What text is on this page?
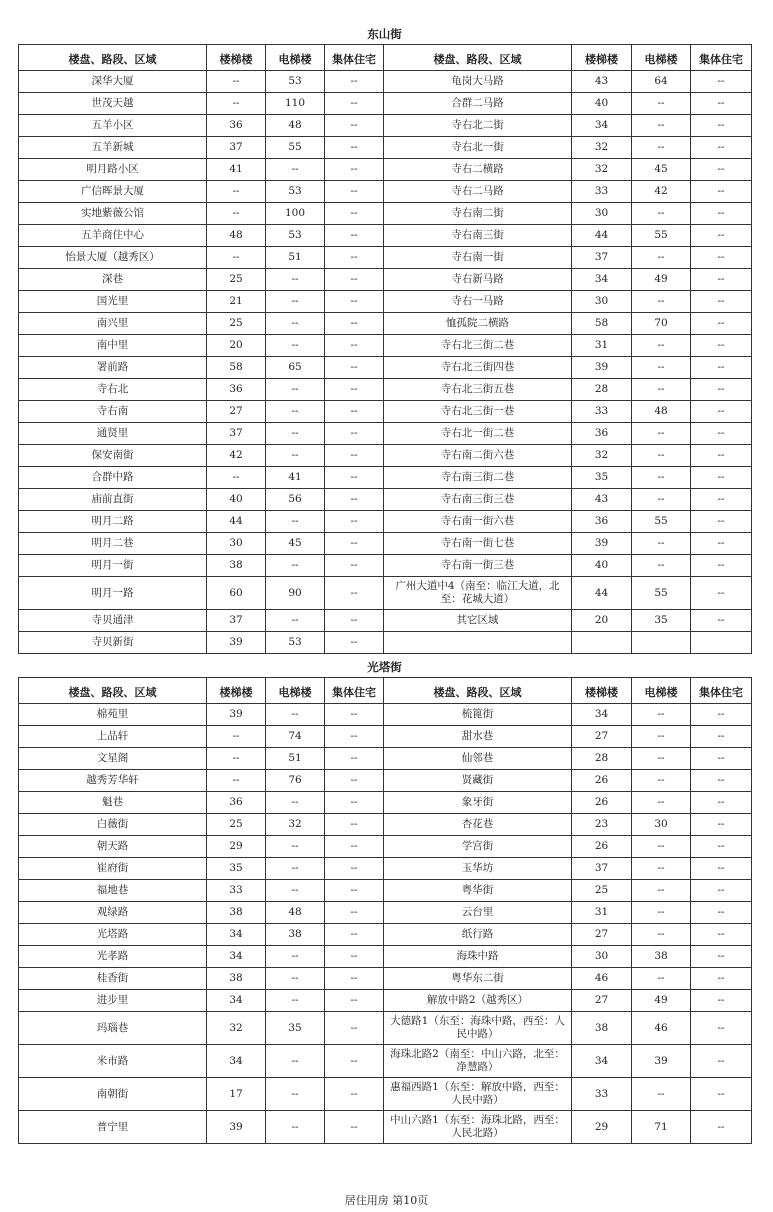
东山街
楼盘、路段、区域	楼梯楼	电梯楼	集体住宅	楼盘、路段、区域	楼梯楼	电梯楼	集体住宅
深华大厦	--	53	--	龟岗大马路	43	64	--
世茂天越	--	110	--	合群二马路	40	--	--
五羊小区	36	48	--	寺右北二街	34	--	--
五羊新城	37	55	--	寺右北一街	32	--	--
明月路小区	41	--	--	寺右二横路	32	45	--
广信晖景大厦	--	53	--	寺右二马路	33	42	--
实地紫薇公馆	--	100	--	寺右南二街	30	--	--
五羊商住中心	48	53	--	寺右南三街	44	55	--
怡景大厦（越秀区）	--	51	--	寺右南一街	37	--	--
深巷	25	--	--	寺右新马路	34	49	--
国光里	21	--	--	寺右一马路	30	--	--
南兴里	25	--	--	恤孤院二横路	58	70	--
南中里	20	--	--	寺右北三街二巷	31	--	--
署前路	58	65	--	寺右北三街四巷	39	--	--
寺右北	36	--	--	寺右北三街五巷	28	--	--
寺右南	27	--	--	寺右北三街一巷	33	48	--
通贤里	37	--	--	寺右北一街二巷	36	--	--
保安南街	42	--	--	寺右南二街六巷	32	--	--
合群中路	--	41	--	寺右南三街二巷	35	--	--
庙前直街	40	56	--	寺右南三街三巷	43	--	--
明月二路	44	--	--	寺右南一街六巷	36	55	--
明月二巷	30	45	--	寺右南一街七巷	39	--	--
明月一街	38	--	--	寺右南一街三巷	40	--	--
明月一路	60	90	--	广州大道中4（南至：临江大道，北至：花城大道）	44	55	--
寺贝通津	37	--	--	其它区域	20	35	--
寺贝新街	39	53	--				
光塔街
楼盘、路段、区域	楼梯楼	电梯楼	集体住宅	楼盘、路段、区域	楼梯楼	电梯楼	集体住宅
棉苑里	39	--	--	梳篦街	34	--	--
上品轩	--	74	--	甜水巷	27	--	--
文星阁	--	51	--	仙邻巷	28	--	--
越秀芳华轩	--	76	--	贤藏街	26	--	--
魁巷	36	--	--	象牙街	26	--	--
白薇街	25	32	--	杏花巷	23	30	--
朝天路	29	--	--	学宫街	26	--	--
崔府街	35	--	--	玉华坊	37	--	--
福地巷	33	--	--	粤华街	25	--	--
观绿路	38	48	--	云台里	31	--	--
光塔路	34	38	--	纸行路	27	--	--
光孝路	34	--	--	海珠中路	30	38	--
桂香街	38	--	--	粤华东二街	46	--	--
进步里	34	--	--	解放中路2（越秀区）	27	49	--
玛瑙巷	32	35	--	大德路1（东至：海珠中路，西至：人民中路）	38	46	--
米市路	34	--	--	海珠北路2（南至：中山六路，北至：净慧路）	34	39	--
南朝街	17	--	--	惠福西路1（东至：解放中路，西至：人民中路）	33	--	--
普宁里	39	--	--	中山六路1（东至：海珠北路，西至：人民北路）	29	71	--
居住用房 第10页
